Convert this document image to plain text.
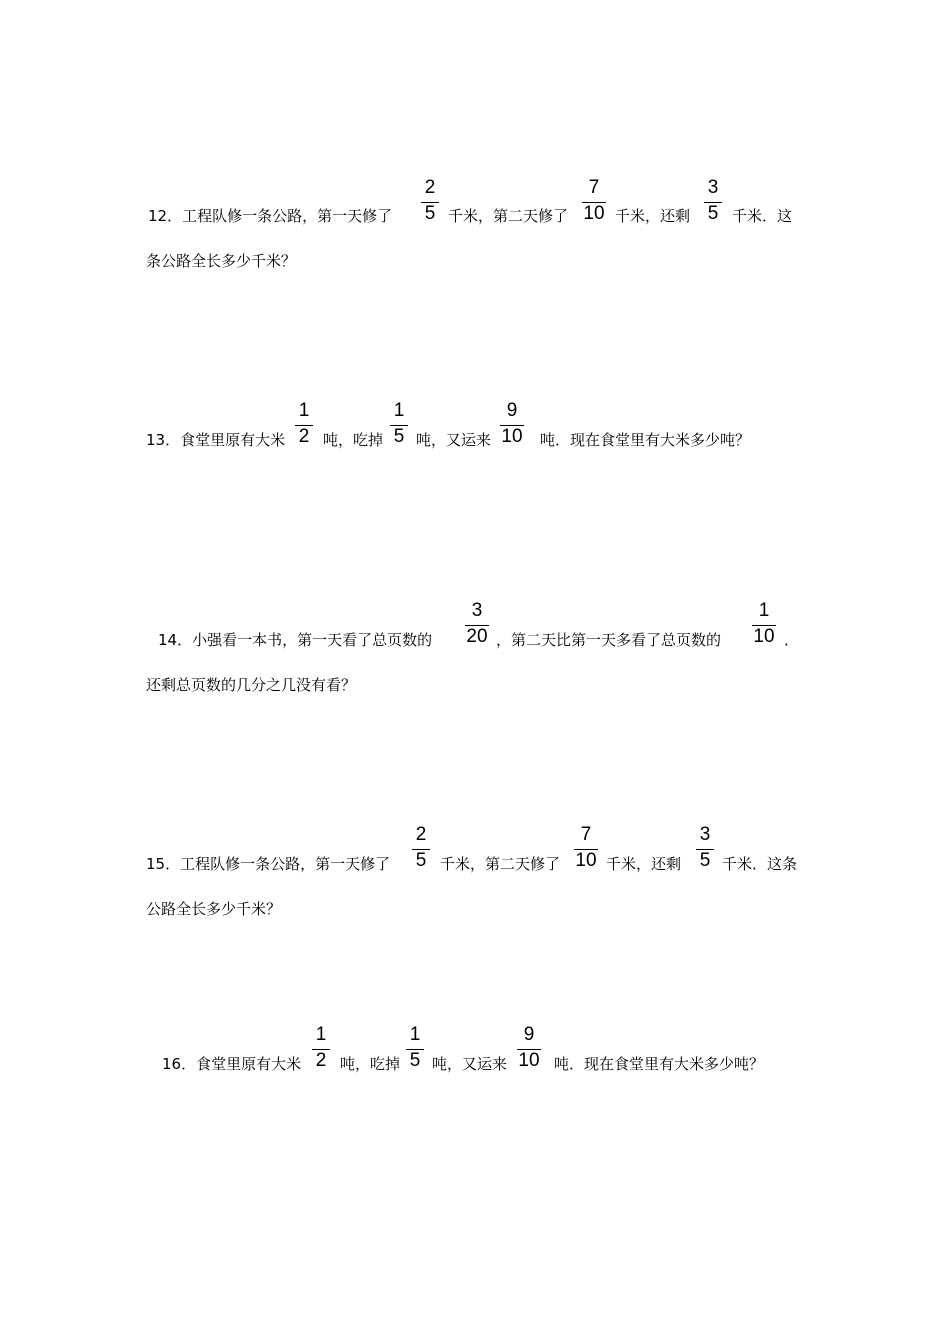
12．工程队修一条公路，第一天修了
2
5 千米，第二天修了
7
10 千米，还剩
3
5 千米．这
条公路全长多少千米？
13．食堂里原有大米
1
2 吨，吃掉
1
5 吨，又运来
9
10 吨．现在食堂里有大米多少吨？
14．小强看一本书，第一天看了总页数的
3
20 ，第二天比第一天多看了总页数的
1
10 ．
还剩总页数的几分之几没有看？
15．工程队修一条公路，第一天修了
2
5 千米，第二天修了
7
10 千米，还剩
3
5 千米．这条
公路全长多少千米？
16．食堂里原有大米
1
2 吨，吃掉
1
5 吨，又运来
9
10 吨．现在食堂里有大米多少吨？
